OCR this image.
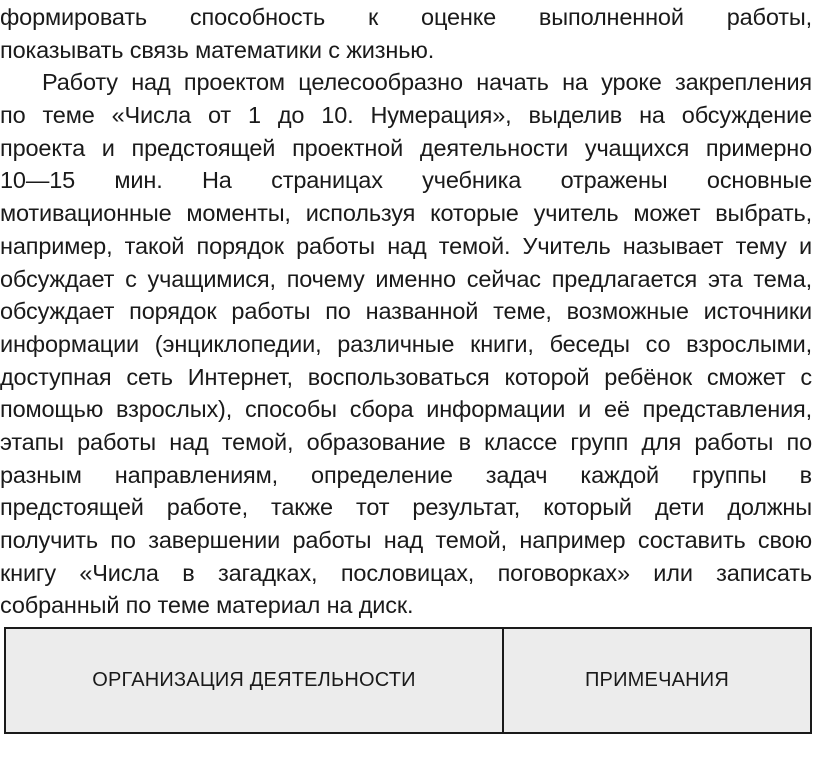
формировать способность к оценке выполненной работы,
показывать связь математики с жизнью.
Работу над проектом целесообразно начать на уроке закрепления
по теме «Числа от 1 до 10. Нумерация», выделив на обсуждение
проекта и предстоящей проектной деятельности учащихся примерно
10—15 мин. На страницах учебника отражены основные
мотивационные моменты, используя которые учитель может выбрать,
например, такой порядок работы над темой. Учитель называет тему и
обсуждает с учащимися, почему именно сейчас предлагается эта тема,
обсуждает порядок работы по названной теме, возможные источники
информации (энциклопедии, различные книги, беседы со взрослыми,
доступная сеть Интернет, воспользоваться которой ребёнок сможет с
помощью взрослых), способы сбора информации и её представления,
этапы работы над темой, образование в классе групп для работы по
разным направлениям, определение задач каждой группы в
предстоящей работе, также тот результат, который дети должны
получить по завершении работы над темой, например составить свою
книгу «Числа в загадках, пословицах, поговорках» или записать
собранный по теме материал на диск.
ОРГАНИЗАЦИЯ ДЕЯТЕЛЬНОСТИ	ПРИМЕЧАНИЯ
